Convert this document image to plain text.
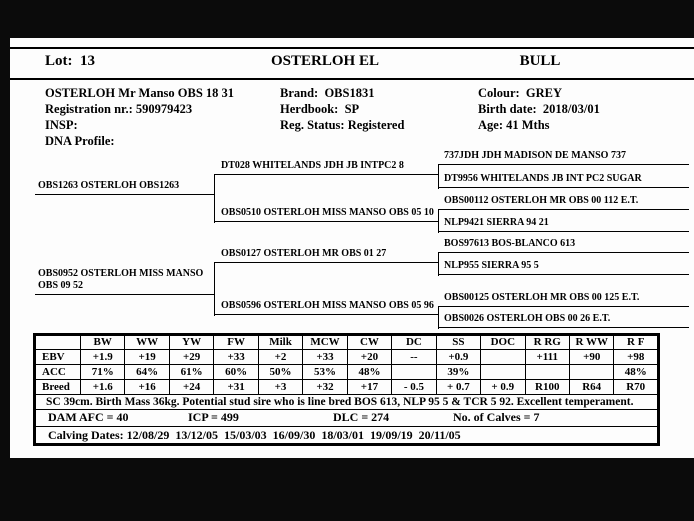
Lot:  13	OSTERLOH EL	BULL
OSTERLOH Mr Manso OBS 18 31	Brand:  OBS1831	Colour:  GREY
Registration nr.: 590979423	Herdbook:  SP	Birth date:  2018/03/01
INSP:	Reg. Status: Registered	Age: 41 Mths
DNA Profile:
OBS1263 OSTERLOH OBS1263
OBS0952 OSTERLOH MISS MANSO OBS 09 52
DT028 WHITELANDS JDH JB INTPC2 8
OBS0510 OSTERLOH MISS MANSO OBS 05 10
OBS0127 OSTERLOH MR OBS 01 27
OBS0596 OSTERLOH MISS MANSO OBS 05 96
737JDH JDH MADISON DE MANSO 737
DT9956 WHITELANDS JB INT PC2 SUGAR
OBS00112 OSTERLOH MR OBS 00 112 E.T.
NLP9421 SIERRA 94 21
BOS97613 BOS-BLANCO 613
NLP955 SIERRA 95 5
OBS00125 OSTERLOH MR OBS 00 125 E.T.
OBS0026 OSTERLOH OBS 00 26 E.T.
	BW	WW	YW	FW	Milk	MCW	CW	DC	SS	DOC	R RG	R WW	R F
EBV	+1.9	+19	+29	+33	+2	+33	+20	--	+0.9		+111	+90	+98
ACC	71%	64%	61%	60%	50%	53%	48%		39%				48%
Breed	+1.6	+16	+24	+31	+3	+32	+17	- 0.5	+ 0.7	+ 0.9	R100	R64	R70
SC 39cm. Birth Mass 36kg. Potential stud sire who is line bred BOS 613, NLP 95 5 & TCR 5 92. Excellent temperament.													

DAM AFC = 40 ICP = 499 DLC = 274 No. of Calves = 7													

Calving Dates: 12/08/29  13/12/05  15/03/03  16/09/30  18/03/01  19/09/19  20/11/05													
